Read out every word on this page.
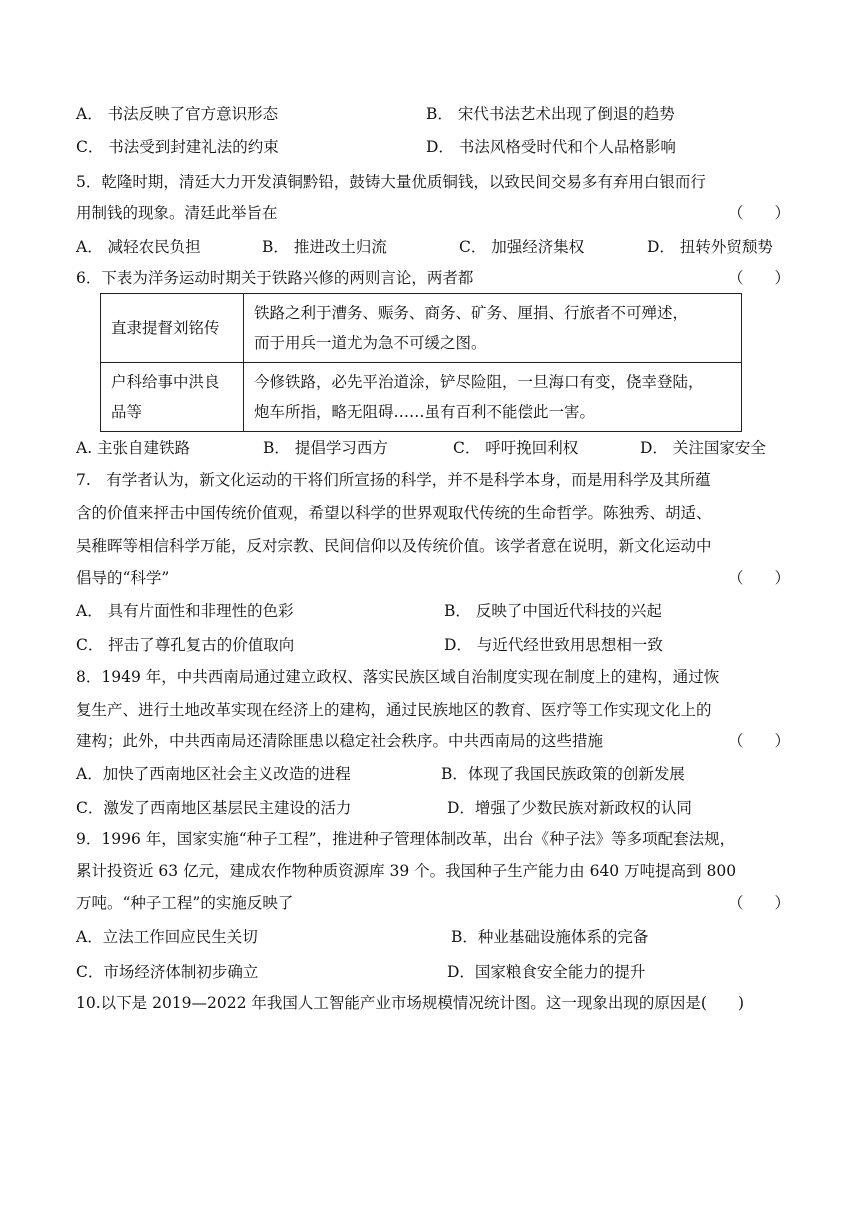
A． 书法反映了官方意识形态	B． 宋代书法艺术出现了倒退的趋势
C． 书法受到封建礼法的约束	D． 书法风格受时代和个人品格影响
5．乾隆时期，清廷大力开发滇铜黔铅，鼓铸大量优质铜钱，以致民间交易多有弃用白银而行
用制钱的现象。清廷此举旨在	（　　）
A． 减轻农民负担	B． 推进改土归流	C． 加强经济集权	D． 扭转外贸颓势
6．下表为洋务运动时期关于铁路兴修的两则言论，两者都	（　　）
直隶提督刘铭传	铁路之利于漕务、赈务、商务、矿务、厘捐、行旅者不可殚述，
而于用兵一道尤为急不可缓之图。
户科给事中洪良
品等	今修铁路，必先平治道涂，铲尽险阻，一旦海口有变，侥幸登陆，
炮车所指，略无阻碍……虽有百利不能偿此一害。
A. 主张自建铁路	B． 提倡学习西方	C． 呼吁挽回利权	D． 关注国家安全
7.　有学者认为，新文化运动的干将们所宣扬的科学，并不是科学本身，而是用科学及其所蕴
含的价值来抨击中国传统价值观，希望以科学的世界观取代传统的生命哲学。陈独秀、胡适、
吴稚晖等相信科学万能，反对宗教、民间信仰以及传统价值。该学者意在说明，新文化运动中
倡导的“科学”	（　　）
A． 具有片面性和非理性的色彩	B． 反映了中国近代科技的兴起
C． 抨击了尊孔复古的价值取向	D． 与近代经世致用思想相一致
8．1949 年，中共西南局通过建立政权、落实民族区域自治制度实现在制度上的建构，通过恢
复生产、进行土地改革实现在经济上的建构，通过民族地区的教育、医疗等工作实现文化上的
建构；此外，中共西南局还清除匪患以稳定社会秩序。中共西南局的这些措施	（　　）
A．加快了西南地区社会主义改造的进程	B．体现了我国民族政策的创新发展
C．激发了西南地区基层民主建设的活力	D．增强了少数民族对新政权的认同
9．1996 年，国家实施“种子工程”，推进种子管理体制改革，出台《种子法》等多项配套法规，
累计投资近 63 亿元，建成农作物种质资源库 39 个。我国种子生产能力由 640 万吨提高到 800
万吨。“种子工程”的实施反映了	（　　）
A．立法工作回应民生关切	B．种业基础设施体系的完备
C．市场经济体制初步确立	D．国家粮食安全能力的提升
10.以下是 2019—2022 年我国人工智能产业市场规模情况统计图。这一现象出现的原因是(　　)
